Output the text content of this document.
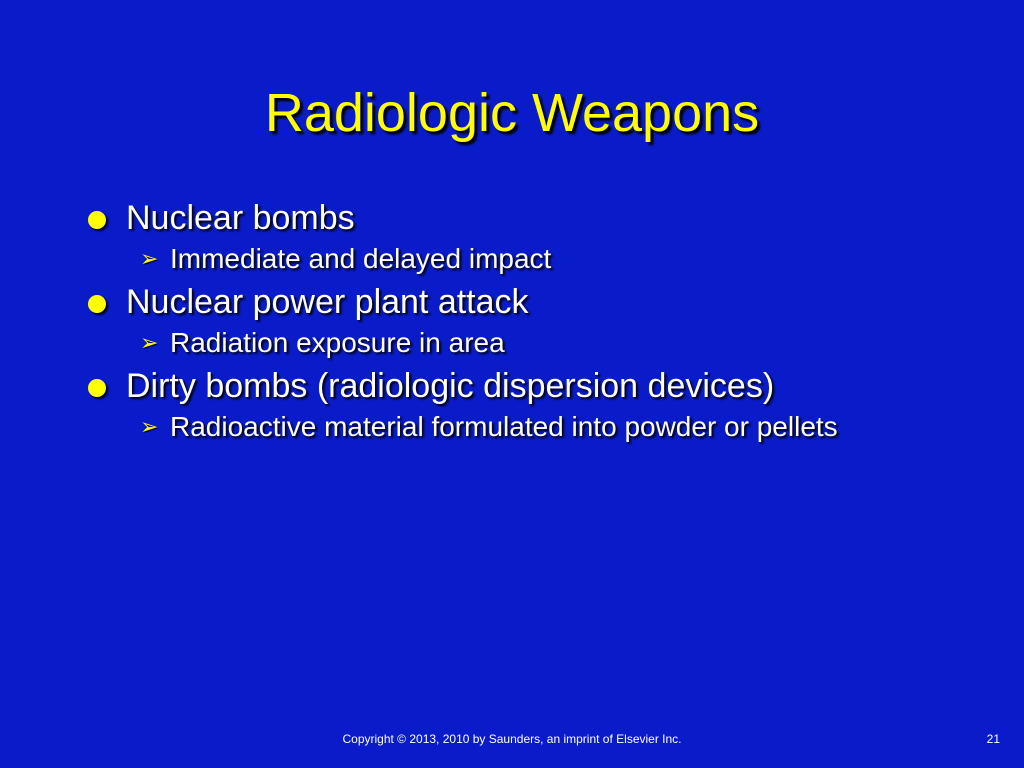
Radiologic Weapons
Nuclear bombs
➢ Immediate and delayed impact
Nuclear power plant attack
➢ Radiation exposure in area
Dirty bombs (radiologic dispersion devices)
➢ Radioactive material formulated into powder or pellets
Copyright © 2013, 2010 by Saunders, an imprint of Elsevier Inc.	21
